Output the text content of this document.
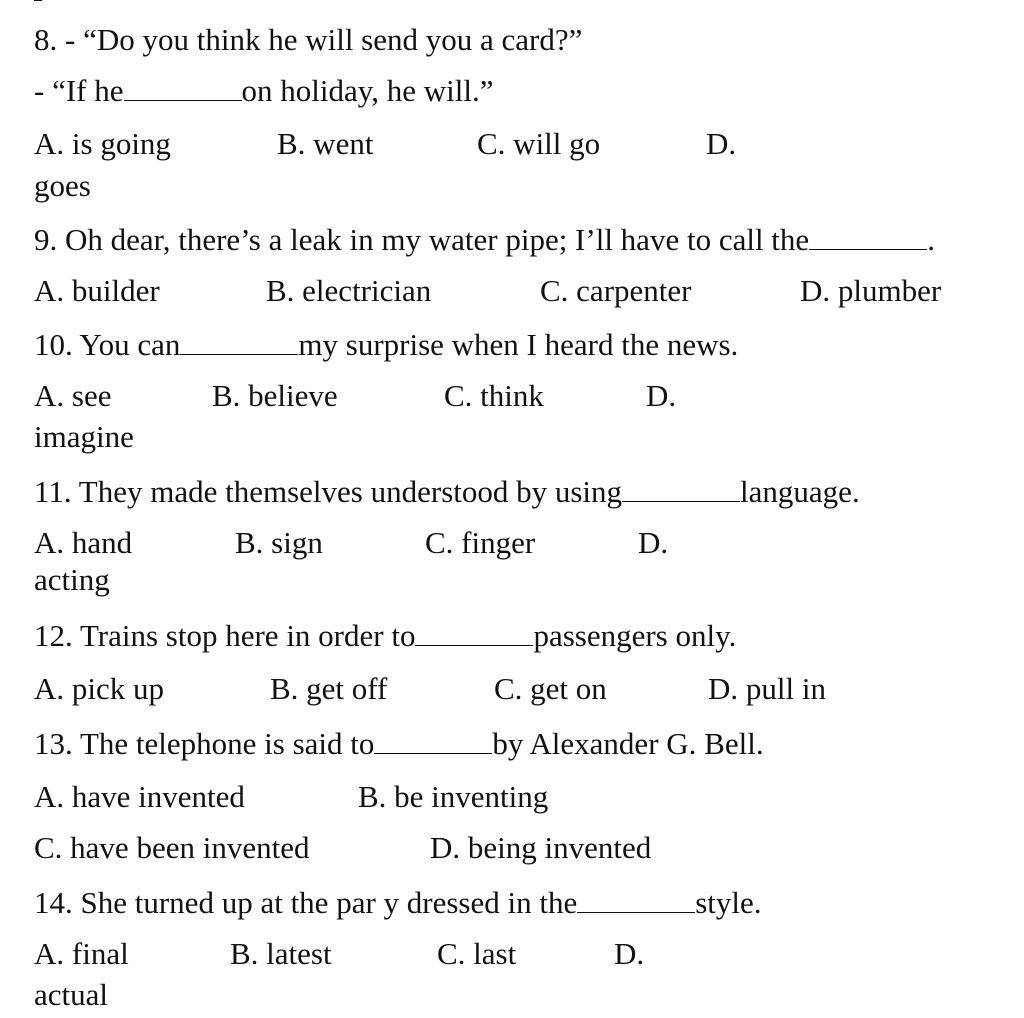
8. - “Do you think he will send you a card?”
- “If he	on holiday, he will.”
A. is going	B. went	C. will go	D.
goes
9. Oh dear, there’s a leak in my water pipe; I’ll have to call the	.
A. builder	B. electrician	C. carpenter	D. plumber
10. You can	my surprise when I heard the news.
A. see	B. believe	C. think	D.
imagine
11. They made themselves understood by using	language.
A. hand	B. sign	C. finger	D.
acting
12. Trains stop here in order to	passengers only.
A. pick up	B. get off	C. get on	D. pull in
13. The telephone is said to	by Alexander G. Bell.
A. have invented	B. be inventing
C. have been invented	D. being invented
14. She turned up at the par y dressed in the	style.
A. final	B. latest	C. last	D.
actual
